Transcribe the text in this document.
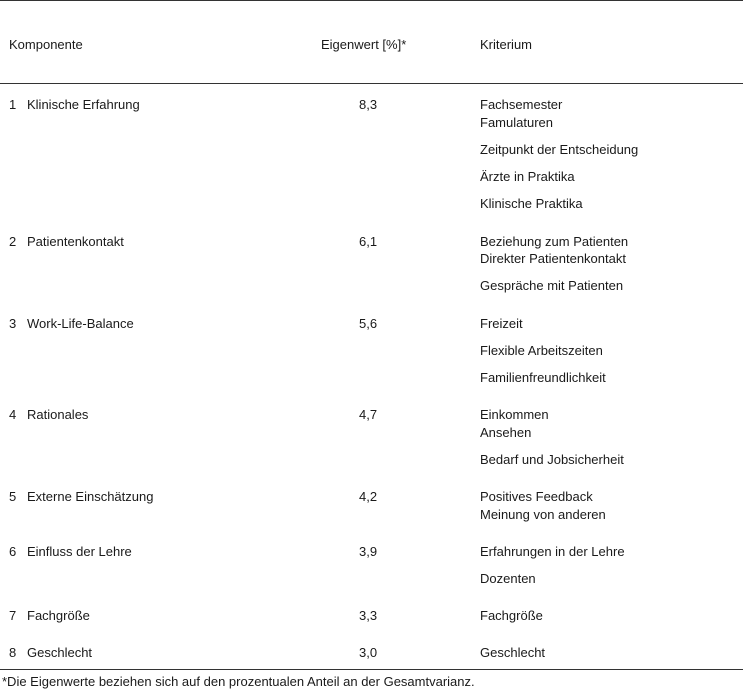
Komponente	Eigenwert [%]*	Kriterium
1 Klinische Erfahrung	8,3	Fachsemester
Famulaturen
Zeitpunkt der Entscheidung
Ärzte in Praktika
Klinische Praktika
2 Patientenkontakt	6,1	Beziehung zum Patienten
Direkter Patientenkontakt
Gespräche mit Patienten
3 Work-Life-Balance	5,6	Freizeit
Flexible Arbeitszeiten
Familienfreundlichkeit
4 Rationales	4,7	Einkommen
Ansehen
Bedarf und Jobsicherheit
5 Externe Einschätzung	4,2	Positives Feedback
Meinung von anderen
6 Einfluss der Lehre	3,9	Erfahrungen in der Lehre
Dozenten
7 Fachgröße	3,3	Fachgröße
8 Geschlecht	3,0	Geschlecht
*Die Eigenwerte beziehen sich auf den prozentualen Anteil an der Gesamtvarianz.
